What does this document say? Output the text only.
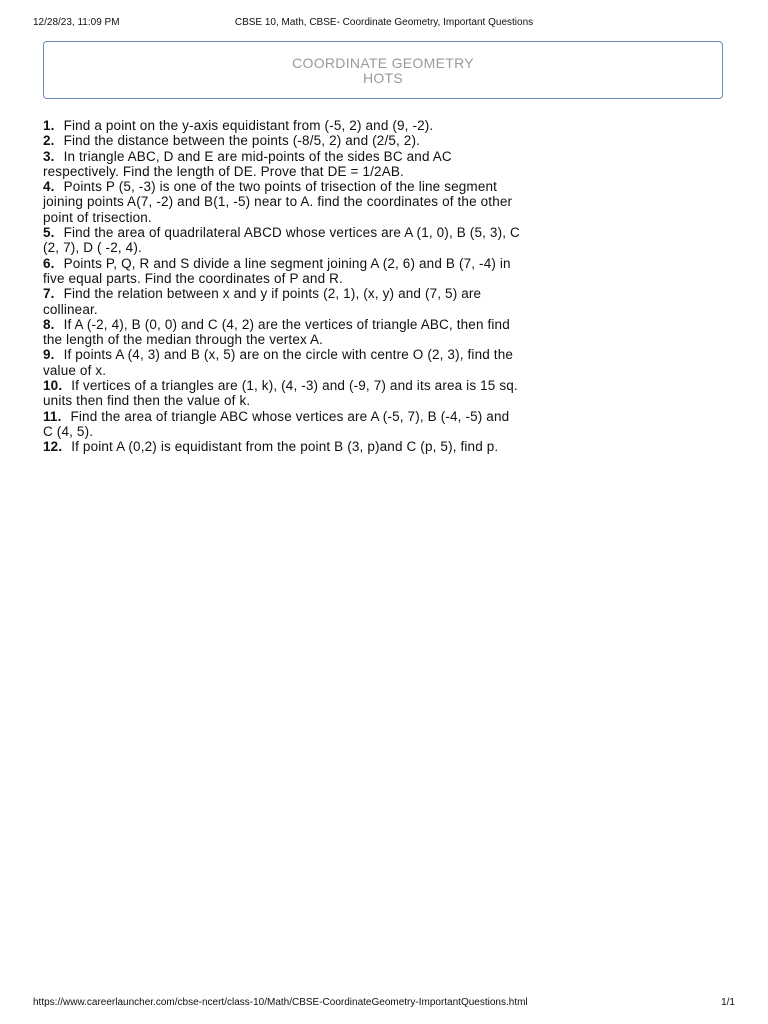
12/28/23, 11:09 PM	CBSE 10, Math, CBSE- Coordinate Geometry, Important Questions
COORDINATE GEOMETRY
HOTS
1. Find a point on the y-axis equidistant from (-5, 2) and (9, -2).
2. Find the distance between the points (-8/5, 2) and (2/5, 2).
3. In triangle ABC, D and E are mid-points of the sides BC and AC respectively. Find the length of DE. Prove that DE = 1/2AB.
4. Points P (5, -3) is one of the two points of trisection of the line segment joining points A(7, -2) and B(1, -5) near to A. find the coordinates of the other point of trisection.
5. Find the area of quadrilateral ABCD whose vertices are A (1, 0), B (5, 3), C (2, 7), D ( -2, 4).
6. Points P, Q, R and S divide a line segment joining A (2, 6) and B (7, -4) in five equal parts. Find the coordinates of P and R.
7. Find the relation between x and y if points (2, 1), (x, y) and (7, 5) are collinear.
8. If A (-2, 4), B (0, 0) and C (4, 2) are the vertices of triangle ABC, then find the length of the median through the vertex A.
9. If points A (4, 3) and B (x, 5) are on the circle with centre O (2, 3), find the value of x.
10. If vertices of a triangles are (1, k), (4, -3) and (-9, 7) and its area is 15 sq. units then find then the value of k.
11. Find the area of triangle ABC whose vertices are A (-5, 7), B (-4, -5) and C (4, 5).
12. If point A (0,2) is equidistant from the point B (3, p)and C (p, 5), find p.
https://www.careerlauncher.com/cbse-ncert/class-10/Math/CBSE-CoordinateGeometry-ImportantQuestions.html	1/1
